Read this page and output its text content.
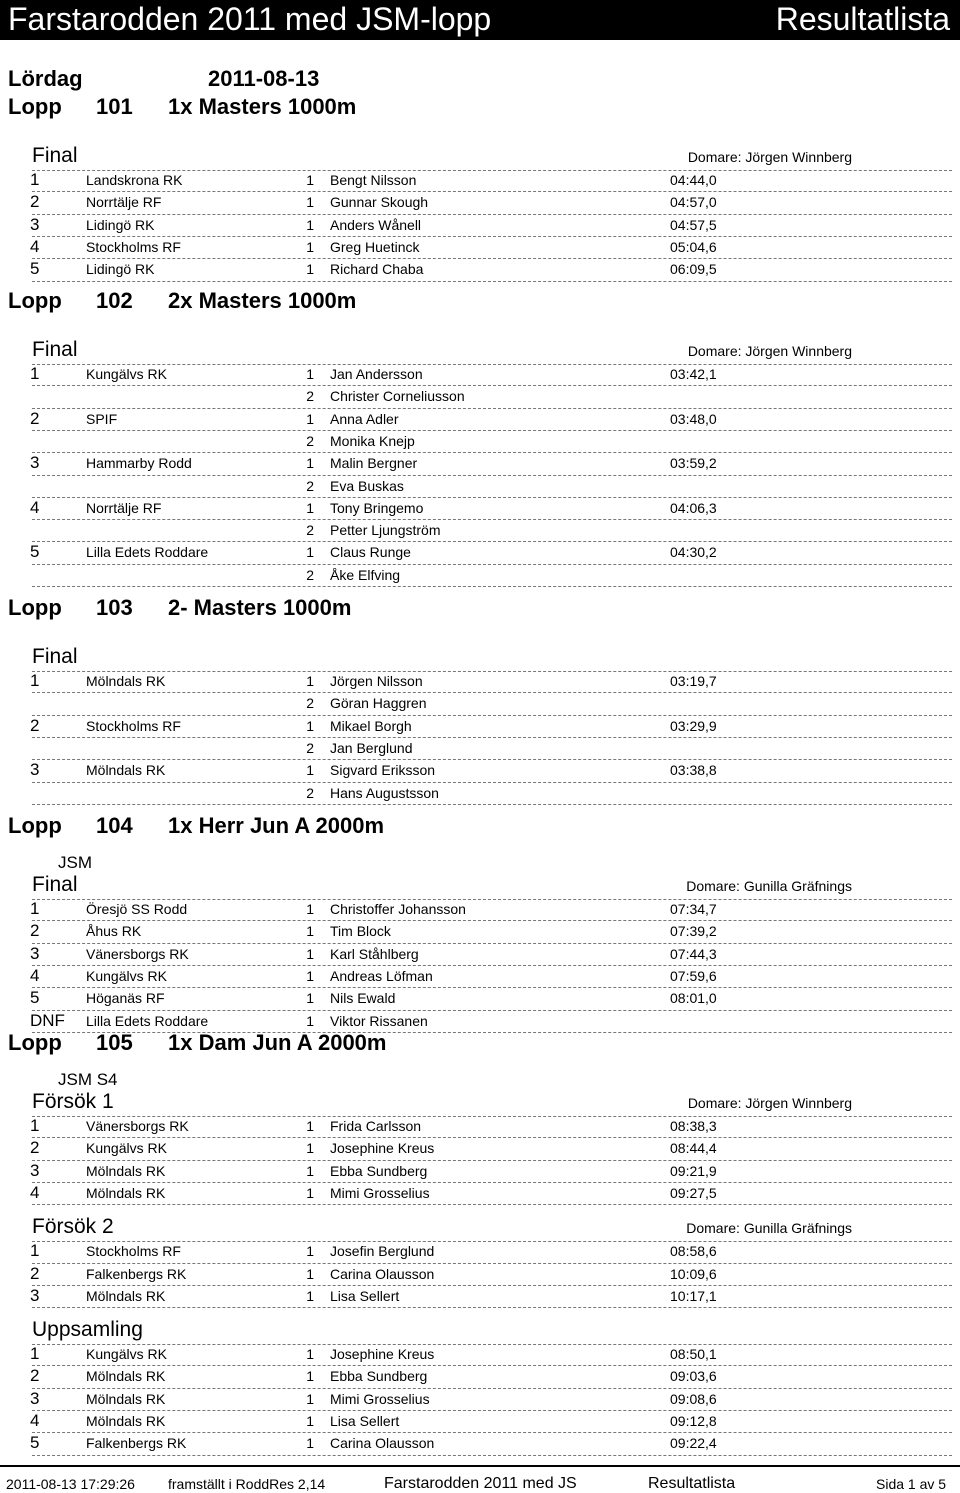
Farstarodden 2011 med JSM-lopp	Resultatlista
Lördag	2011-08-13
Lopp 101 1x Masters 1000m
Final	Domare: Jörgen Winnberg
1	Landskrona RK	1 Bengt Nilsson	04:44,0
2	Norrtälje RF	1 Gunnar Skough	04:57,0
3	Lidingö RK	1 Anders Wånell	04:57,5
4	Stockholms RF	1 Greg Huetinck	05:04,6
5	Lidingö RK	1 Richard Chaba	06:09,5
Lopp 102 2x Masters 1000m
Final	Domare: Jörgen Winnberg
1	Kungälvs RK	1 Jan Andersson	03:42,1
2 Christer Corneliusson
2	SPIF	1 Anna Adler	03:48,0
2 Monika Knejp
3	Hammarby Rodd	1 Malin Bergner	03:59,2
2 Eva Buskas
4	Norrtälje RF	1 Tony Bringemo	04:06,3
2 Petter Ljungström
5	Lilla Edets Roddare	1 Claus Runge	04:30,2
2 Åke Elfving
Lopp 103 2- Masters 1000m
Final
1	Mölndals RK	1 Jörgen Nilsson	03:19,7
2 Göran Haggren
2	Stockholms RF	1 Mikael Borgh	03:29,9
2 Jan Berglund
3	Mölndals RK	1 Sigvard Eriksson	03:38,8
2 Hans Augustsson
Lopp 104 1x Herr Jun A 2000m
JSM
Final	Domare: Gunilla Gräfnings
1	Öresjö SS Rodd	1 Christoffer Johansson	07:34,7
2	Åhus RK	1 Tim Block	07:39,2
3	Vänersborgs RK	1 Karl Ståhlberg	07:44,3
4	Kungälvs RK	1 Andreas Löfman	07:59,6
5	Höganäs RF	1 Nils Ewald	08:01,0
DNF	Lilla Edets Roddare	1 Viktor Rissanen
Lopp 105 1x Dam Jun A 2000m
JSM S4
Försök 1	Domare: Jörgen Winnberg
1	Vänersborgs RK	1 Frida Carlsson	08:38,3
2	Kungälvs RK	1 Josephine Kreus	08:44,4
3	Mölndals RK	1 Ebba Sundberg	09:21,9
4	Mölndals RK	1 Mimi Grosselius	09:27,5
Försök 2	Domare: Gunilla Gräfnings
1	Stockholms RF	1 Josefin Berglund	08:58,6
2	Falkenbergs RK	1 Carina Olausson	10:09,6
3	Mölndals RK	1 Lisa Sellert	10:17,1
Uppsamling
1	Kungälvs RK	1 Josephine Kreus	08:50,1
2	Mölndals RK	1 Ebba Sundberg	09:03,6
3	Mölndals RK	1 Mimi Grosselius	09:08,6
4	Mölndals RK	1 Lisa Sellert	09:12,8
5	Falkenbergs RK	1 Carina Olausson	09:22,4
2011-08-13 17:29:26 framställt i RoddRes 2,14	Farstarodden 2011 med JS	Resultatlista	Sida 1 av 5
